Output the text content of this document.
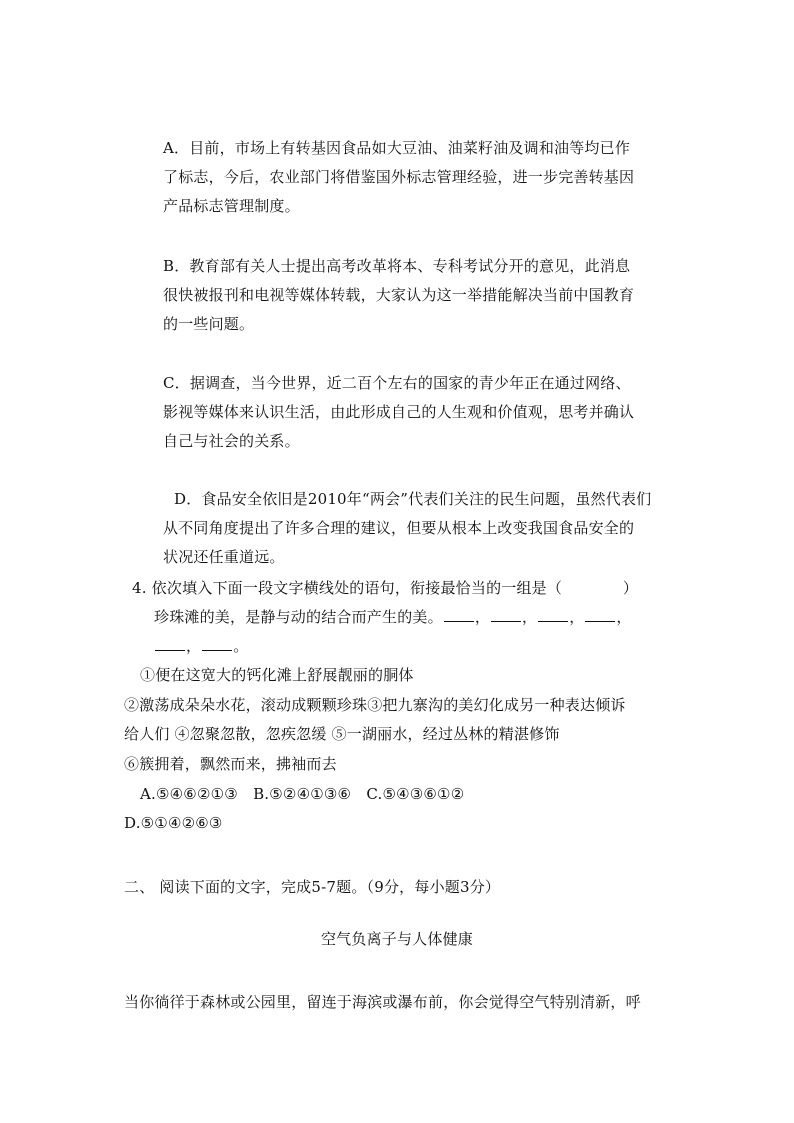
A．目前，市场上有转基因食品如大豆油、油菜籽油及调和油等均已作
了标志，今后，农业部门将借鉴国外标志管理经验，进一步完善转基因
产品标志管理制度。
B．教育部有关人士提出高考改革将本、专科考试分开的意见，此消息
很快被报刊和电视等媒体转载，大家认为这一举措能解决当前中国教育
的一些问题。
C．据调查，当今世界，近二百个左右的国家的青少年正在通过网络、
影视等媒体来认识生活，由此形成自己的人生观和价值观，思考并确认
自己与社会的关系。
D．食品安全依旧是2010年“两会”代表们关注的民生问题，虽然代表们
从不同角度提出了许多合理的建议，但要从根本上改变我国食品安全的
状况还任重道远。
4. 依次填入下面一段文字横线处的语句，衔接最恰当的一组是（　　　　）
珍珠滩的美，是静与动的结合而产生的美。 ， ， ， ，
， 。
①便在这宽大的钙化滩上舒展靓丽的胴体
②激荡成朵朵水花，滚动成颗颗珍珠③把九寨沟的美幻化成另一种表达倾诉
给人们 ④忽聚忽散，忽疾忽缓 ⑤一湖丽水，经过丛林的精湛修饰
⑥簇拥着，飘然而来，拂袖而去
A.⑤④⑥②①③　B.⑤②④①③⑥　C.⑤④③⑥①②
D.⑤①④②⑥③
二、 阅读下面的文字，完成5-7题。（9分，每小题3分）
空气负离子与人体健康
当你徜徉于森林或公园里，留连于海滨或瀑布前，你会觉得空气特别清新，呼
